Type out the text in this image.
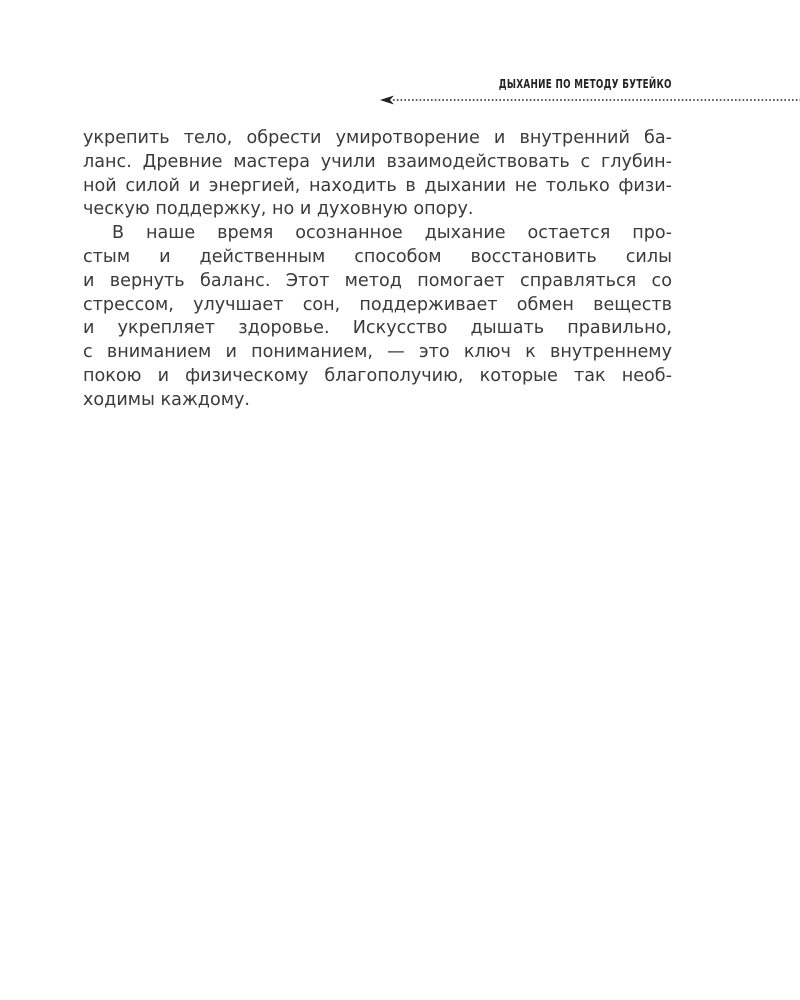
ДЫХАНИЕ ПО МЕТОДУ БУТЕЙКО

укрепить тело, обрести умиротворение и внутренний ба-
ланс. Древние мастера учили взаимодействовать с глубин-
ной силой и энергией, находить в дыхании не только физи-
ческую поддержку, но и духовную опору.

В наше время осознанное дыхание остается про-
стым и действенным способом восстановить силы
и вернуть баланс. Этот метод помогает справляться со
стрессом, улучшает сон, поддерживает обмен веществ
и укрепляет здоровье. Искусство дышать правильно,
с вниманием и пониманием, — это ключ к внутреннему
покою и физическому благополучию, которые так необ-
ходимы каждому.
